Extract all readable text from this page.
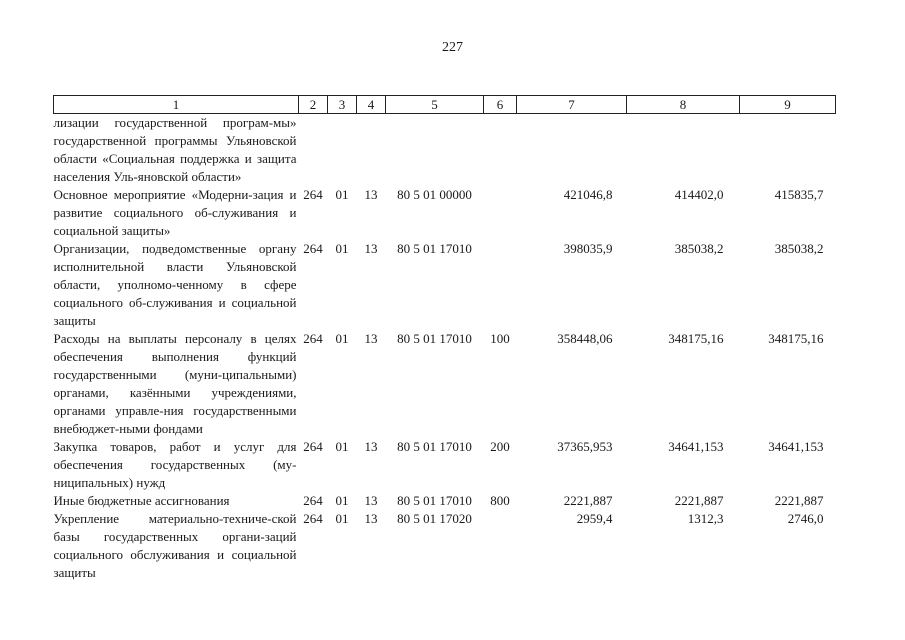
227
1	2	3	4	5	6	7	8	9
лизации государственной програм-мы» государственной программы Ульяновской области «Социальная поддержка и защита населения Уль-яновской области»								
Основное мероприятие «Модерни-зация и развитие социального об-служивания и социальной защиты»	264	01	13	80 5 01 00000		421046,8	414402,0	415835,7
Организации, подведомственные органу исполнительной власти Ульяновской области, уполномо-ченному в сфере социального об-служивания и социальной защиты	264	01	13	80 5 01 17010		398035,9	385038,2	385038,2
Расходы на выплаты персоналу в целях обеспечения выполнения функций государственными (муни-ципальными) органами, казёнными учреждениями, органами управле-ния государственными внебюджет-ными фондами	264	01	13	80 5 01 17010	100	358448,06	348175,16	348175,16
Закупка товаров, работ и услуг для обеспечения государственных (му-ниципальных) нужд	264	01	13	80 5 01 17010	200	37365,953	34641,153	34641,153
Иные бюджетные ассигнования	264	01	13	80 5 01 17010	800	2221,887	2221,887	2221,887
Укрепление материально-техниче-ской базы государственных органи-заций социального обслуживания и социальной защиты	264	01	13	80 5 01 17020		2959,4	1312,3	2746,0
